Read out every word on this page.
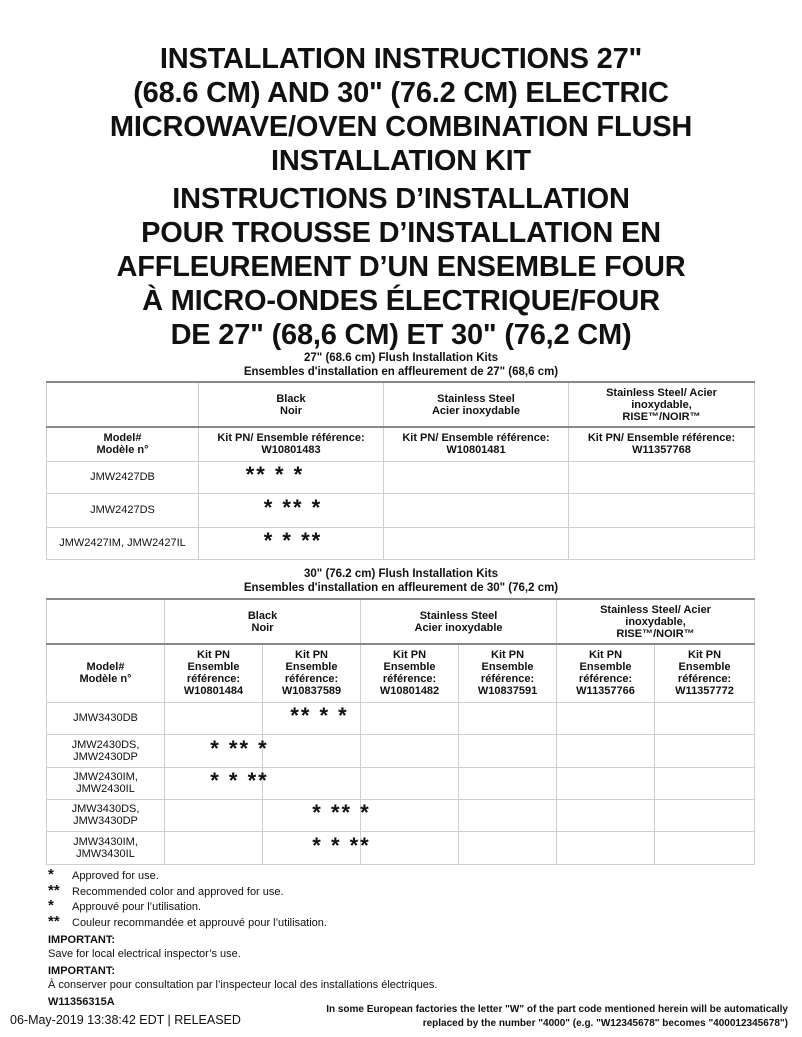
INSTALLATION INSTRUCTIONS 27"
(68.6 CM) AND 30" (76.2 CM) ELECTRIC
MICROWAVE/OVEN COMBINATION FLUSH
INSTALLATION KIT
INSTRUCTIONS D’INSTALLATION
POUR TROUSSE D’INSTALLATION EN
AFFLEUREMENT D’UN ENSEMBLE FOUR
À MICRO-ONDES ÉLECTRIQUE/FOUR
DE 27" (68,6 CM) ET 30" (76,2 CM)
27" (68.6 cm) Flush Installation Kits
Ensembles d'installation en affleurement de 27" (68,6 cm)
	Black
Noir	Stainless Steel
Acier inoxydable	Stainless Steel/ Acier
inoxydable,
RISE™/NOIR™
Model#
Modèle n°	Kit PN/ Ensemble référence:
W10801483	Kit PN/ Ensemble référence:
W10801481	Kit PN/ Ensemble référence:
W11357768
JMW2427DB	** * *		
JMW2427DS	* ** *		
JMW2427IM, JMW2427IL	* * **		
30" (76.2 cm) Flush Installation Kits
Ensembles d'installation en affleurement de 30" (76,2 cm)
	Black
Noir		Stainless Steel
Acier inoxydable		Stainless Steel/ Acier
inoxydable,
RISE™/NOIR™	
Model#
Modèle n°	Kit PN
Ensemble
référence:
W10801484	Kit PN
Ensemble
référence:
W10837589	Kit PN
Ensemble
référence:
W10801482	Kit PN
Ensemble
référence:
W10837591	Kit PN
Ensemble
référence:
W11357766	Kit PN
Ensemble
référence:
W11357772
JMW3430DB		** * *				
JMW2430DS,
JMW2430DP	* ** *					
JMW2430IM,
JMW2430IL	* * **					
JMW3430DS,
JMW3430DP		* ** *				
JMW3430IM,
JMW3430IL		* * **				
* Approved for use.
** Recommended color and approved for use.
* Approuvé pour l’utilisation.
** Couleur recommandée et approuvé pour l’utilisation.
IMPORTANT:
Save for local electrical inspector’s use.
IMPORTANT:
À conserver pour consultation par l’inspecteur local des installations électriques.
W11356315A
06-May-2019 13:38:42 EDT | RELEASED
In some European factories the letter "W" of the part code mentioned herein will be automatically
replaced by the number "4000" (e.g. "W12345678" becomes "400012345678")
